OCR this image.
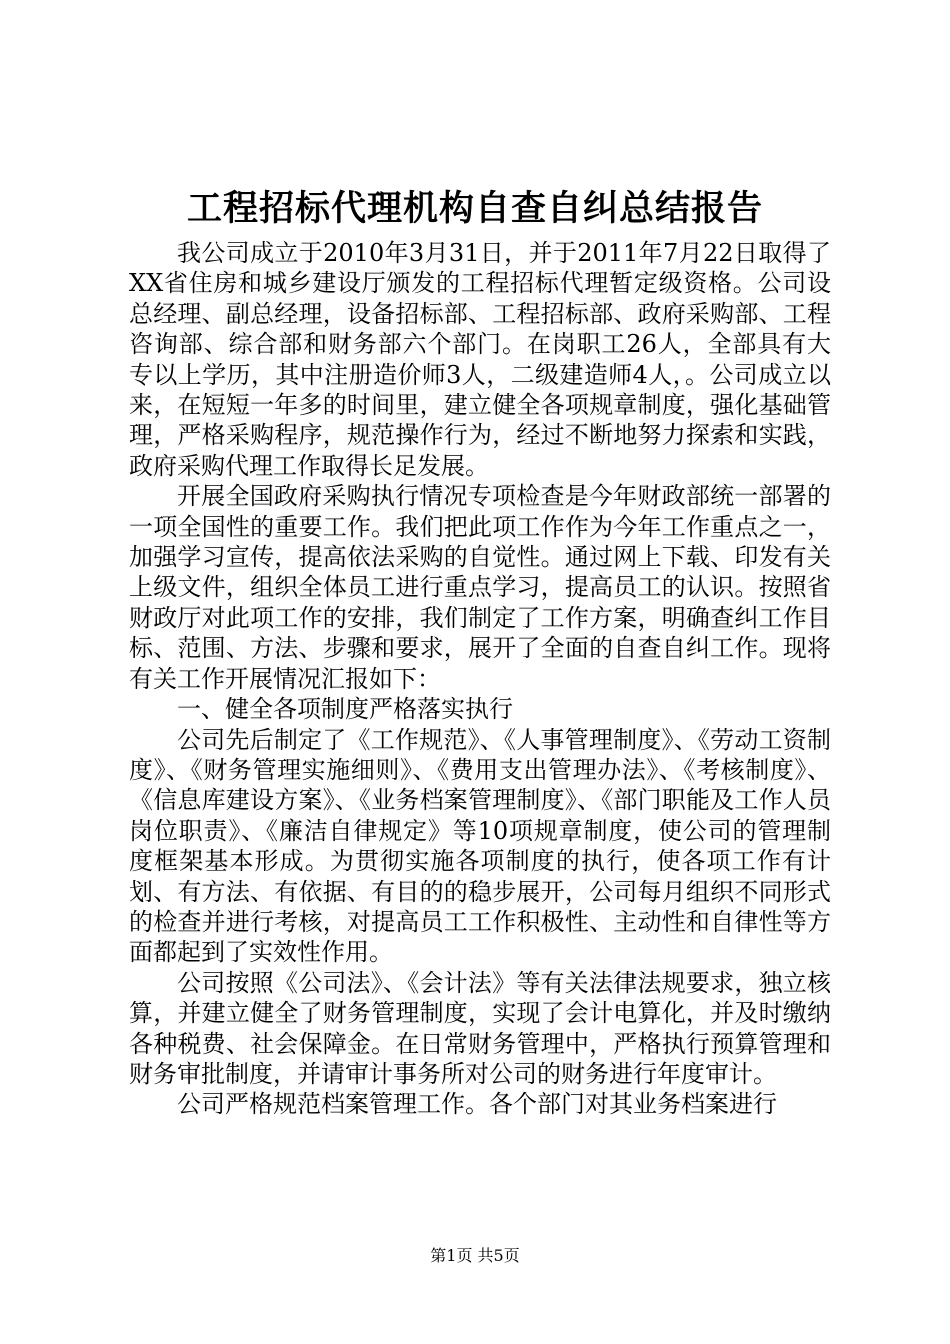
工程招标代理机构自查自纠总结报告

我公司成立于2010年3月31日，并于2011年7月22日取得了XX省住房和城乡建设厅颁发的工程招标代理暂定级资格。公司设总经理、副总经理，设备招标部、工程招标部、政府采购部、工程咨询部、综合部和财务部六个部门。在岗职工26人，全部具有大专以上学历，其中注册造价师3人，二级建造师4人，。公司成立以来，在短短一年多的时间里，建立健全各项规章制度，强化基础管理，严格采购程序，规范操作行为，经过不断地努力探索和实践，政府采购代理工作取得长足发展。

开展全国政府采购执行情况专项检查是今年财政部统一部署的一项全国性的重要工作。我们把此项工作作为今年工作重点之一，加强学习宣传，提高依法采购的自觉性。通过网上下载、印发有关上级文件，组织全体员工进行重点学习，提高员工的认识。按照省财政厅对此项工作的安排，我们制定了工作方案，明确查纠工作目标、范围、方法、步骤和要求，展开了全面的自查自纠工作。现将有关工作开展情况汇报如下：

一、健全各项制度严格落实执行

公司先后制定了《工作规范》、《人事管理制度》、《劳动工资制度》、《财务管理实施细则》、《费用支出管理办法》、《考核制度》、《信息库建设方案》、《业务档案管理制度》、《部门职能及工作人员岗位职责》、《廉洁自律规定》等10项规章制度，使公司的管理制度框架基本形成。为贯彻实施各项制度的执行，使各项工作有计划、有方法、有依据、有目的的稳步展开，公司每月组织不同形式的检查并进行考核，对提高员工工作积极性、主动性和自律性等方面都起到了实效性作用。

公司按照《公司法》、《会计法》等有关法律法规要求，独立核算，并建立健全了财务管理制度，实现了会计电算化，并及时缴纳各种税费、社会保障金。在日常财务管理中，严格执行预算管理和财务审批制度，并请审计事务所对公司的财务进行年度审计。

公司严格规范档案管理工作。各个部门对其业务档案进行

第1页 共5页
